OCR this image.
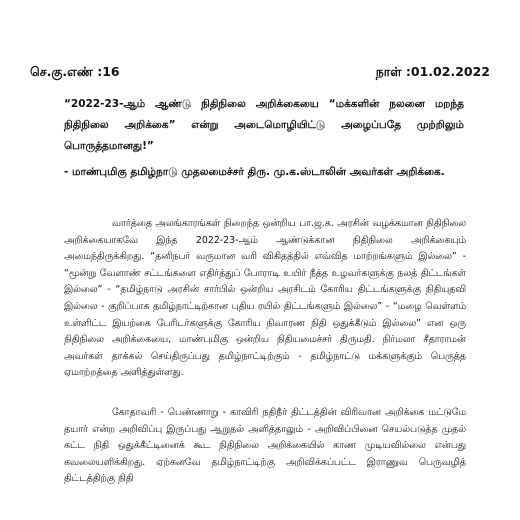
செ.கு.எண் :16	நாள் :01.02.2022
“2022-23-ஆம் ஆண்டு நிதிநிலை அறிக்கையை “மக்களின் நலனை மறந்த நிதிநிலை அறிக்கை” என்று அடைமொழியிட்டு அழைப்பதே முற்றிலும் பொருத்தமானது!”
- மாண்புமிகு தமிழ்நாடு முதலமைச்சர் திரு. மு.க.ஸ்டாலின் அவர்கள் அறிக்கை.

வார்த்தை அலங்காரங்கள் நிறைந்த ஒன்றிய பா.ஜ.க. அரசின் வழக்கமான நிதிநிலை அறிக்கையாகவே இந்த 2022-23-ஆம் ஆண்டுக்கான நிதிநிலை அறிக்கையும் அமைந்திருக்கிறது. “தனிநபர் வருமான வரி விகிதத்தில் எவ்வித மாற்றங்களும் இல்லை” - “மூன்று வேளாண் சட்டங்களை எதிர்த்துப் போராடி உயிர் நீத்த உழவர்களுக்கு நலத் திட்டங்கள் இல்லை” - “தமிழ்நாடு அரசின் சார்பில் ஒன்றிய அரசிடம் கோரிய திட்டங்களுக்கு நிதியுதவி இல்லை - குறிப்பாக தமிழ்நாட்டிற்கான புதிய ரயில் திட்டங்களும் இல்லை” - “மழை வெள்ளம் உள்ளிட்ட இயற்கை பேரிடர்களுக்கு கோரிய நிவாரண நிதி ஒதுக்கீடும் இல்லை” என ஒரு நிதிநிலை அறிக்கையை, மாண்புமிகு ஒன்றிய நிதியமைச்சர் திருமதி. நிர்மலா சீதாராமன் அவர்கள் தாக்கல் செய்திருப்பது தமிழ்நாட்டிற்கும் - தமிழ்நாட்டு மக்களுக்கும் பெருத்த ஏமாற்றத்தை அளித்துள்ளது.

கோதாவரி - பெண்ணாறு - காவிரி நதிநீர் திட்டத்தின் விரிவான அறிக்கை மட்டுமே தயார் என்ற அறிவிப்பு இருப்பது ஆறுதல் அளித்தாலும் - அறிவிப்பினை செயல்படுத்த முதல் கட்ட நிதி ஒதுக்கீட்டினைக் கூட நிதிநிலை அறிக்கையில் காண முடியவில்லை என்பது கவலையளிக்கிறது. ஏற்கனவே தமிழ்நாட்டிற்கு அறிவிக்கப்பட்ட இராணுவ பெருவழித் திட்டத்திற்கு நிதி
